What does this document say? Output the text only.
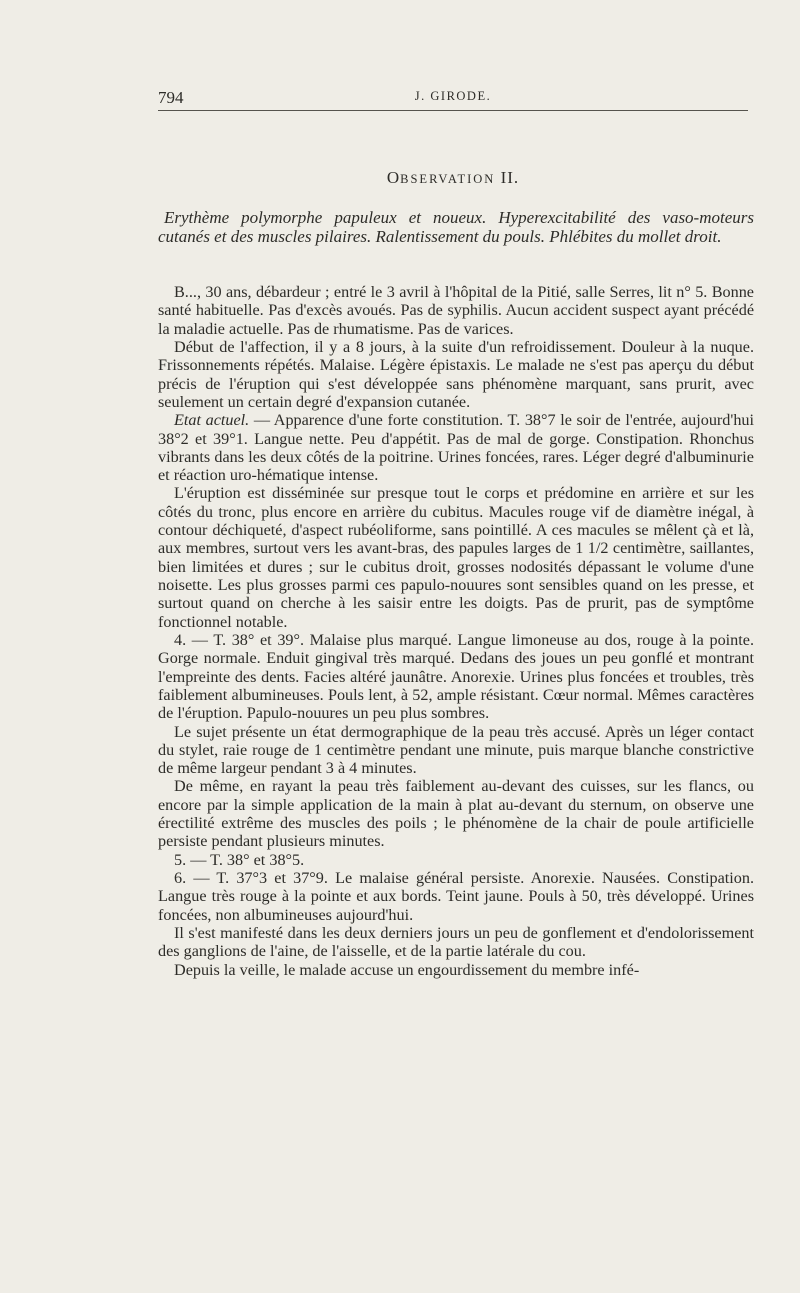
794	J. GIRODE.
OBSERVATION II.
Erythème polymorphe papuleux et noueux. Hyperexcitabilité des vaso-moteurs cutanés et des muscles pilaires. Ralentissement du pouls. Phlébites du mollet droit.

B..., 30 ans, débardeur ; entré le 3 avril à l'hôpital de la Pitié, salle Serres, lit n° 5. Bonne santé habituelle. Pas d'excès avoués. Pas de syphilis. Aucun accident suspect ayant précédé la maladie actuelle. Pas de rhumatisme. Pas de varices.

Début de l'affection, il y a 8 jours, à la suite d'un refroidissement. Douleur à la nuque. Frissonnements répétés. Malaise. Légère épistaxis. Le malade ne s'est pas aperçu du début précis de l'éruption qui s'est développée sans phénomène marquant, sans prurit, avec seulement un certain degré d'expansion cutanée.

Etat actuel. — Apparence d'une forte constitution. T. 38°7 le soir de l'entrée, aujourd'hui 38°2 et 39°1. Langue nette. Peu d'appétit. Pas de mal de gorge. Constipation. Rhonchus vibrants dans les deux côtés de la poitrine. Urines foncées, rares. Léger degré d'albuminurie et réaction uro-hématique intense.

L'éruption est disséminée sur presque tout le corps et prédomine en arrière et sur les côtés du tronc, plus encore en arrière du cubitus. Macules rouge vif de diamètre inégal, à contour déchiqueté, d'aspect rubéoliforme, sans pointillé. A ces macules se mêlent çà et là, aux membres, surtout vers les avant-bras, des papules larges de 1 1/2 centimètre, saillantes, bien limitées et dures ; sur le cubitus droit, grosses nodosités dépassant le volume d'une noisette. Les plus grosses parmi ces papulo-nouures sont sensibles quand on les presse, et surtout quand on cherche à les saisir entre les doigts. Pas de prurit, pas de symptôme fonctionnel notable.

4. — T. 38° et 39°. Malaise plus marqué. Langue limoneuse au dos, rouge à la pointe. Gorge normale. Enduit gingival très marqué. Dedans des joues un peu gonflé et montrant l'empreinte des dents. Facies altéré jaunâtre. Anorexie. Urines plus foncées et troubles, très faiblement albumineuses. Pouls lent, à 52, ample résistant. Cœur normal. Mêmes caractères de l'éruption. Papulo-nouures un peu plus sombres.

Le sujet présente un état dermographique de la peau très accusé. Après un léger contact du stylet, raie rouge de 1 centimètre pendant une minute, puis marque blanche constrictive de même largeur pendant 3 à 4 minutes.

De même, en rayant la peau très faiblement au-devant des cuisses, sur les flancs, ou encore par la simple application de la main à plat au-devant du sternum, on observe une érectilité extrême des muscles des poils ; le phénomène de la chair de poule artificielle persiste pendant plusieurs minutes.

5. — T. 38° et 38°5.

6. — T. 37°3 et 37°9. Le malaise général persiste. Anorexie. Nausées. Constipation. Langue très rouge à la pointe et aux bords. Teint jaune. Pouls à 50, très développé. Urines foncées, non albumineuses aujourd'hui.

Il s'est manifesté dans les deux derniers jours un peu de gonflement et d'endolorissement des ganglions de l'aine, de l'aisselle, et de la partie latérale du cou.

Depuis la veille, le malade accuse un engourdissement du membre infé-
